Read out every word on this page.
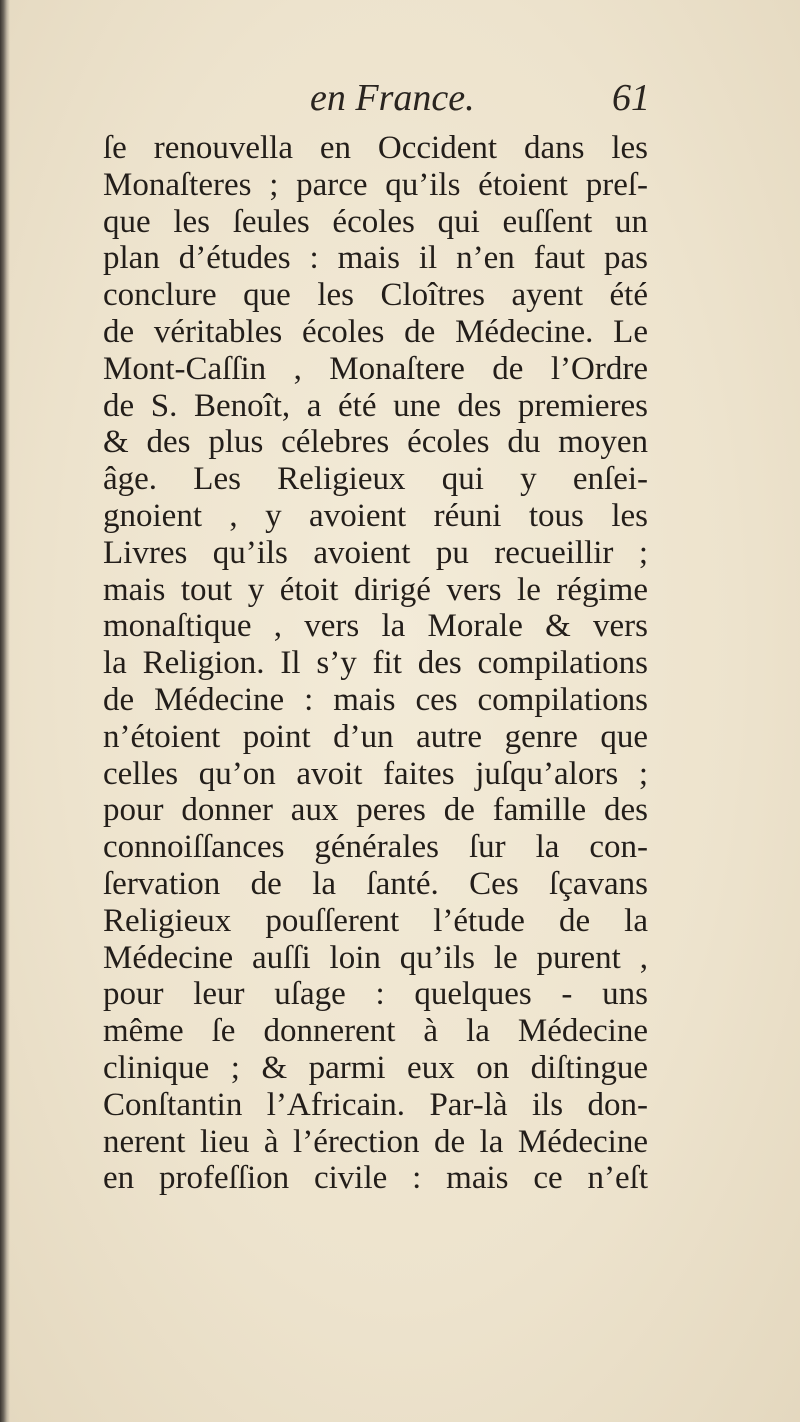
en France.	61
ſe renouvella en Occident dans les
Monaſteres ; parce qu’ils étoient preſ-
que les ſeules écoles qui euſſent un
plan d’études : mais il n’en faut pas
conclure que les Cloîtres ayent été
de véritables écoles de Médecine. Le
Mont-Caſſin , Monaſtere de l’Ordre
de S. Benoît, a été une des premieres
& des plus célebres écoles du moyen
âge. Les Religieux qui y enſei-
gnoient , y avoient réuni tous les
Livres qu’ils avoient pu recueillir ;
mais tout y étoit dirigé vers le régime
monaſtique , vers la Morale & vers
la Religion. Il s’y fit des compilations
de Médecine : mais ces compilations
n’étoient point d’un autre genre que
celles qu’on avoit faites juſqu’alors ;
pour donner aux peres de famille des
connoiſſances générales ſur la con-
ſervation de la ſanté. Ces ſçavans
Religieux pouſſerent l’étude de la
Médecine auſſi loin qu’ils le purent ,
pour leur uſage : quelques - uns
même ſe donnerent à la Médecine
clinique ; & parmi eux on diſtingue
Conſtantin l’Africain. Par-là ils don-
nerent lieu à l’érection de la Médecine
en profeſſion civile : mais ce n’eſt
